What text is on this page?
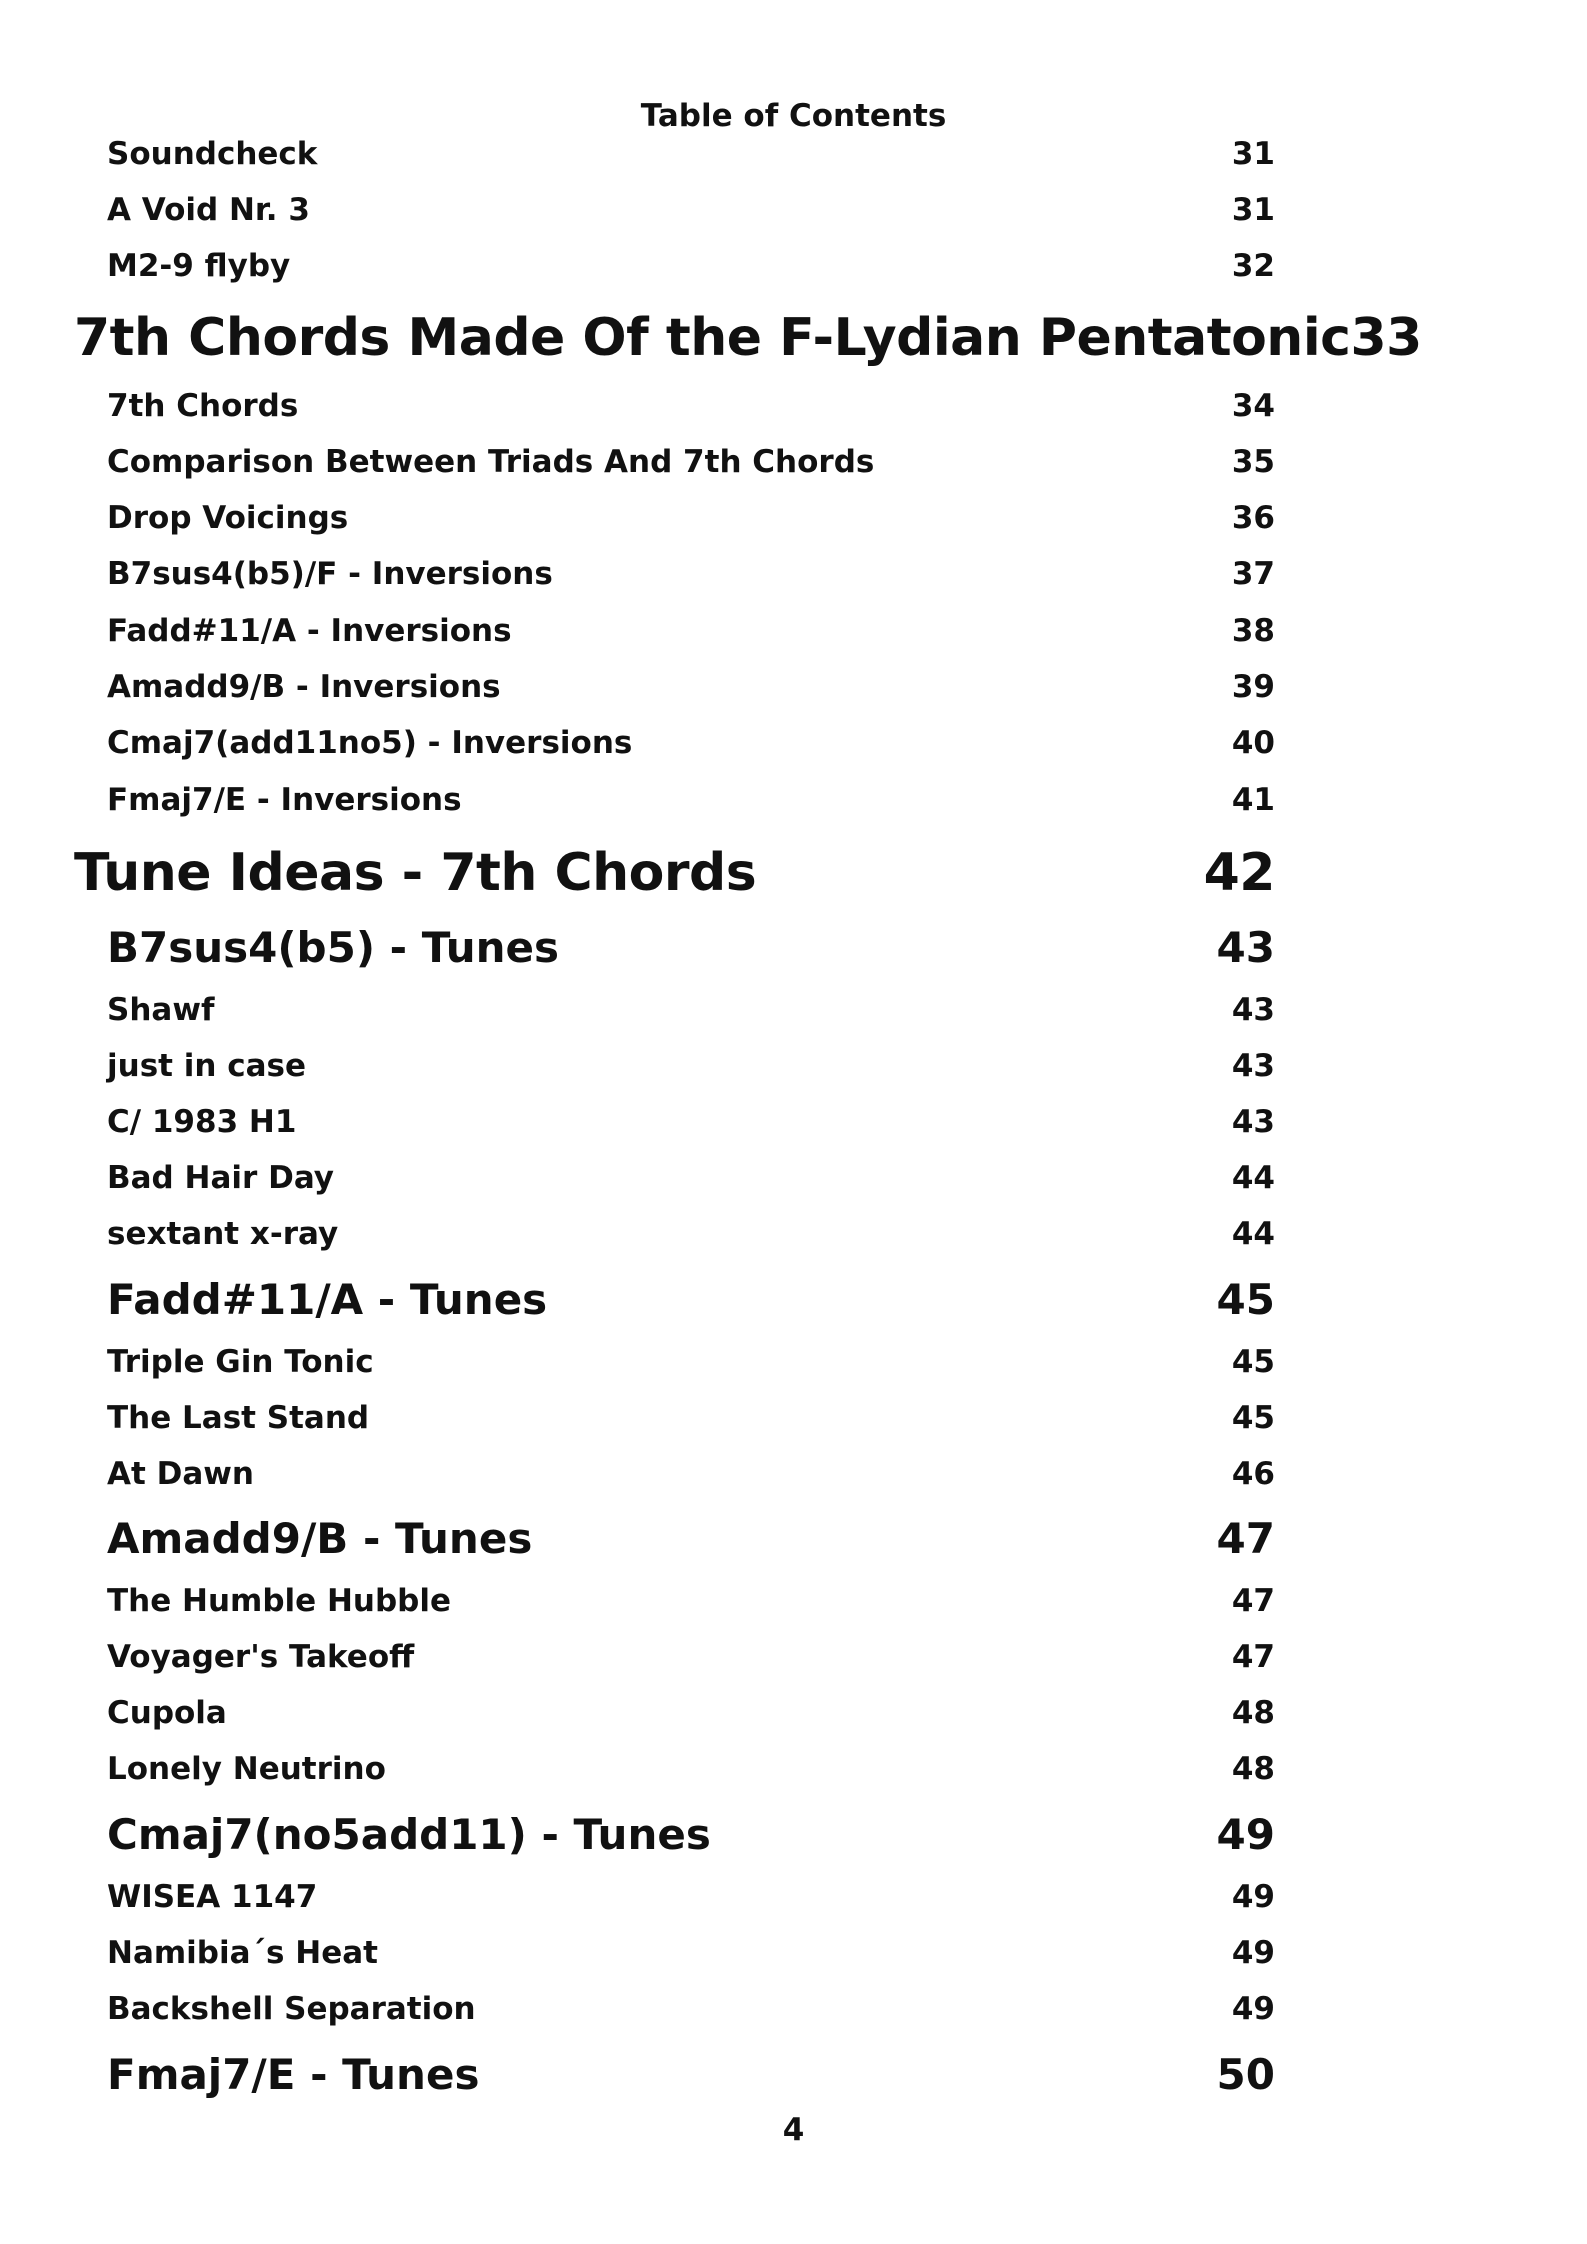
Table of Contents
Soundcheck	31
A Void Nr. 3	31
M2-9 flyby	32
7th Chords Made Of the F-Lydian Pentatonic 33
7th Chords	34
Comparison Between Triads And 7th Chords	35
Drop Voicings	36
B7sus4(b5)/F - Inversions	37
Fadd#11/A - Inversions	38
Amadd9/B - Inversions	39
Cmaj7(add11no5) - Inversions	40
Fmaj7/E - Inversions	41
Tune Ideas - 7th Chords	42
B7sus4(b5) - Tunes	43
Shawf	43
just in case	43
C/ 1983 H1	43
Bad Hair Day	44
sextant x-ray	44
Fadd#11/A - Tunes	45
Triple Gin Tonic	45
The Last Stand	45
At Dawn	46
Amadd9/B - Tunes	47
The Humble Hubble	47
Voyager's Takeoff	47
Cupola	48
Lonely Neutrino	48
Cmaj7(no5add11) - Tunes	49
WISEA 1147	49
Namibia´s Heat	49
Backshell Separation	49
Fmaj7/E - Tunes	50
4
